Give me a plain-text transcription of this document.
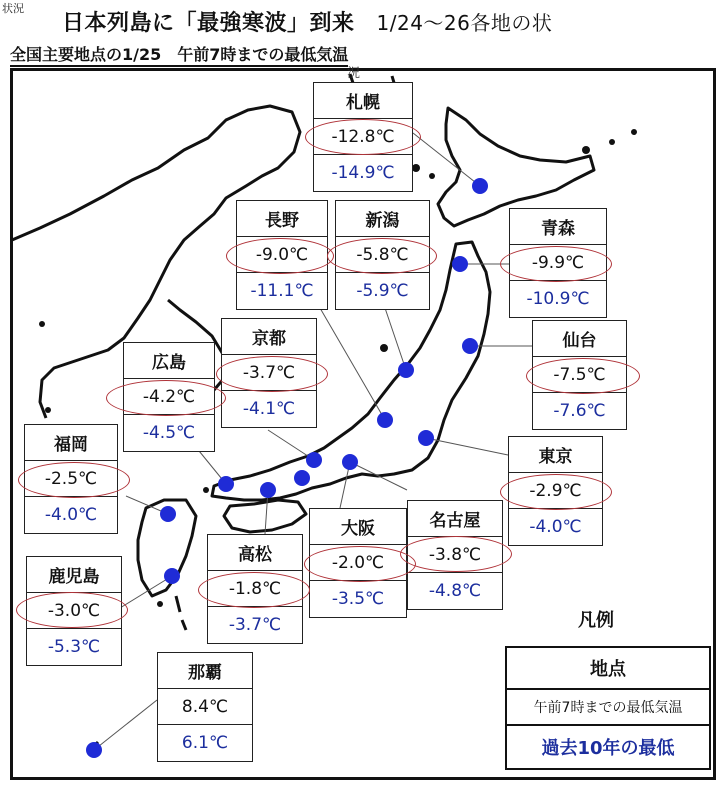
状況
日本列島に「最強寒波」到来 1/24～26各地の状
全国主要地点の1/25　午前7時までの最低気温
況
札幌
-12.8℃
-14.9℃
長野
-9.0℃
-11.1℃
新潟
-5.8℃
-5.9℃
青森
-9.9℃
-10.9℃
仙台
-7.5℃
-7.6℃
京都
-3.7℃
-4.1℃
広島
-4.2℃
-4.5℃
福岡
-2.5℃
-4.0℃
東京
-2.9℃
-4.0℃
大阪
-2.0℃
-3.5℃
名古屋
-3.8℃
-4.8℃
高松
-1.8℃
-3.7℃
鹿児島
-3.0℃
-5.3℃
那覇
8.4℃
6.1℃
凡例
地点
午前7時までの最低気温
過去10年の最低
